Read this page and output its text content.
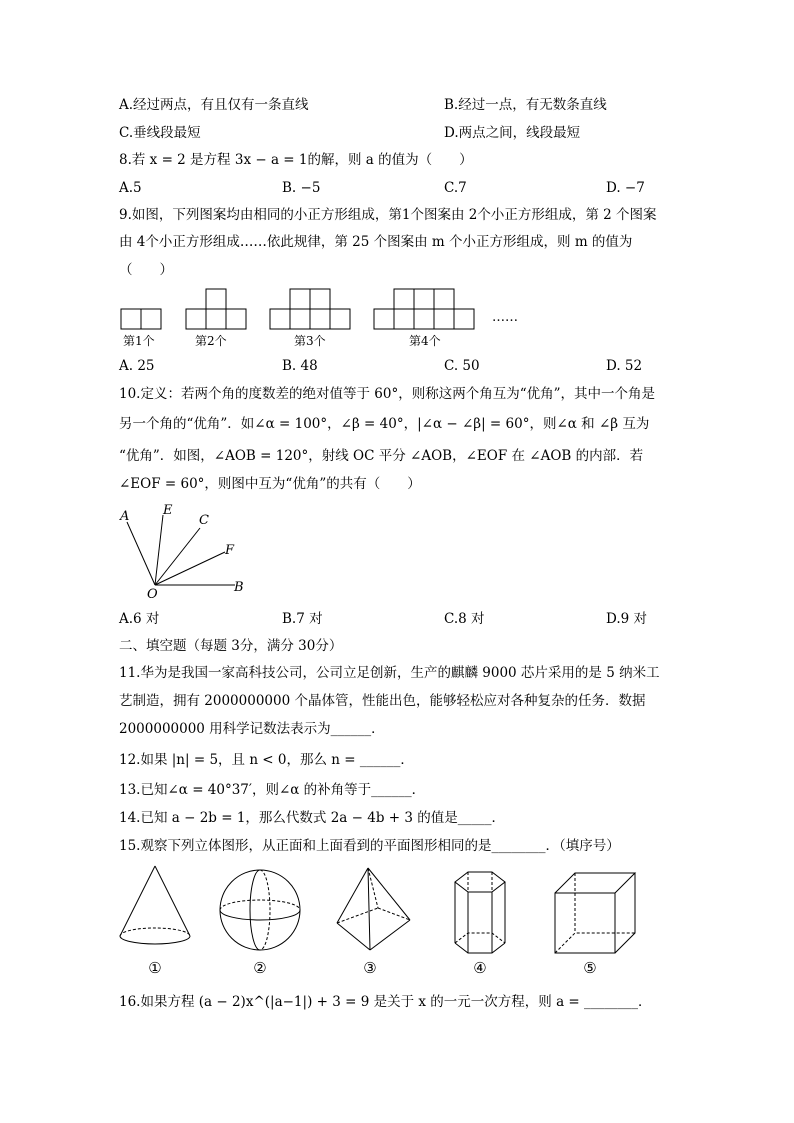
A.经过两点，有且仅有一条直线	B.经过一点，有无数条直线
C.垂线段最短	D.两点之间，线段最短
8.若 x = 2 是方程 3x − a = 1的解，则 a 的值为（　　）
A.5	B. −5	C.7	D. −7
9.如图，下列图案均由相同的小正方形组成，第1个图案由 2个小正方形组成，第 2 个图案
由 4个小正方形组成……依此规律，第 25 个图案由 m 个小正方形组成，则 m 的值为
（　　）
第1个	第2个	第3个	第4个
……
A. 25	B. 48	C. 50	D. 52
10.定义：若两个角的度数差的绝对值等于 60°，则称这两个角互为“优角”，其中一个角是
另一个角的“优角”．如∠α = 100°，∠β = 40°，|∠α − ∠β| = 60°，则∠α 和 ∠β 互为
“优角”．如图，∠AOB = 120°，射线 OC 平分 ∠AOB，∠EOF 在 ∠AOB 的内部．若
∠EOF = 60°，则图中互为“优角”的共有（　　）
A	E
C
F
O	B
A.6 对	B.7 对	C.8 对	D.9 对
二、填空题（每题 3分，满分 30分）
11.华为是我国一家高科技公司，公司立足创新，生产的麒麟 9000 芯片采用的是 5 纳米工
艺制造，拥有 2000000000 个晶体管，性能出色，能够轻松应对各种复杂的任务．数据
2000000000 用科学记数法表示为______．
12.如果 |n| = 5，且 n < 0，那么 n = ______．
13.已知∠α = 40°37′，则∠α 的补角等于______．
14.已知 a − 2b = 1，那么代数式 2a − 4b + 3 的值是_____．
15.观察下列立体图形，从正面和上面看到的平面图形相同的是________．（填序号）
①	②	③	④	⑤
16.如果方程 (a − 2)x^(|a−1|) + 3 = 9 是关于 x 的一元一次方程，则 a = ________．
